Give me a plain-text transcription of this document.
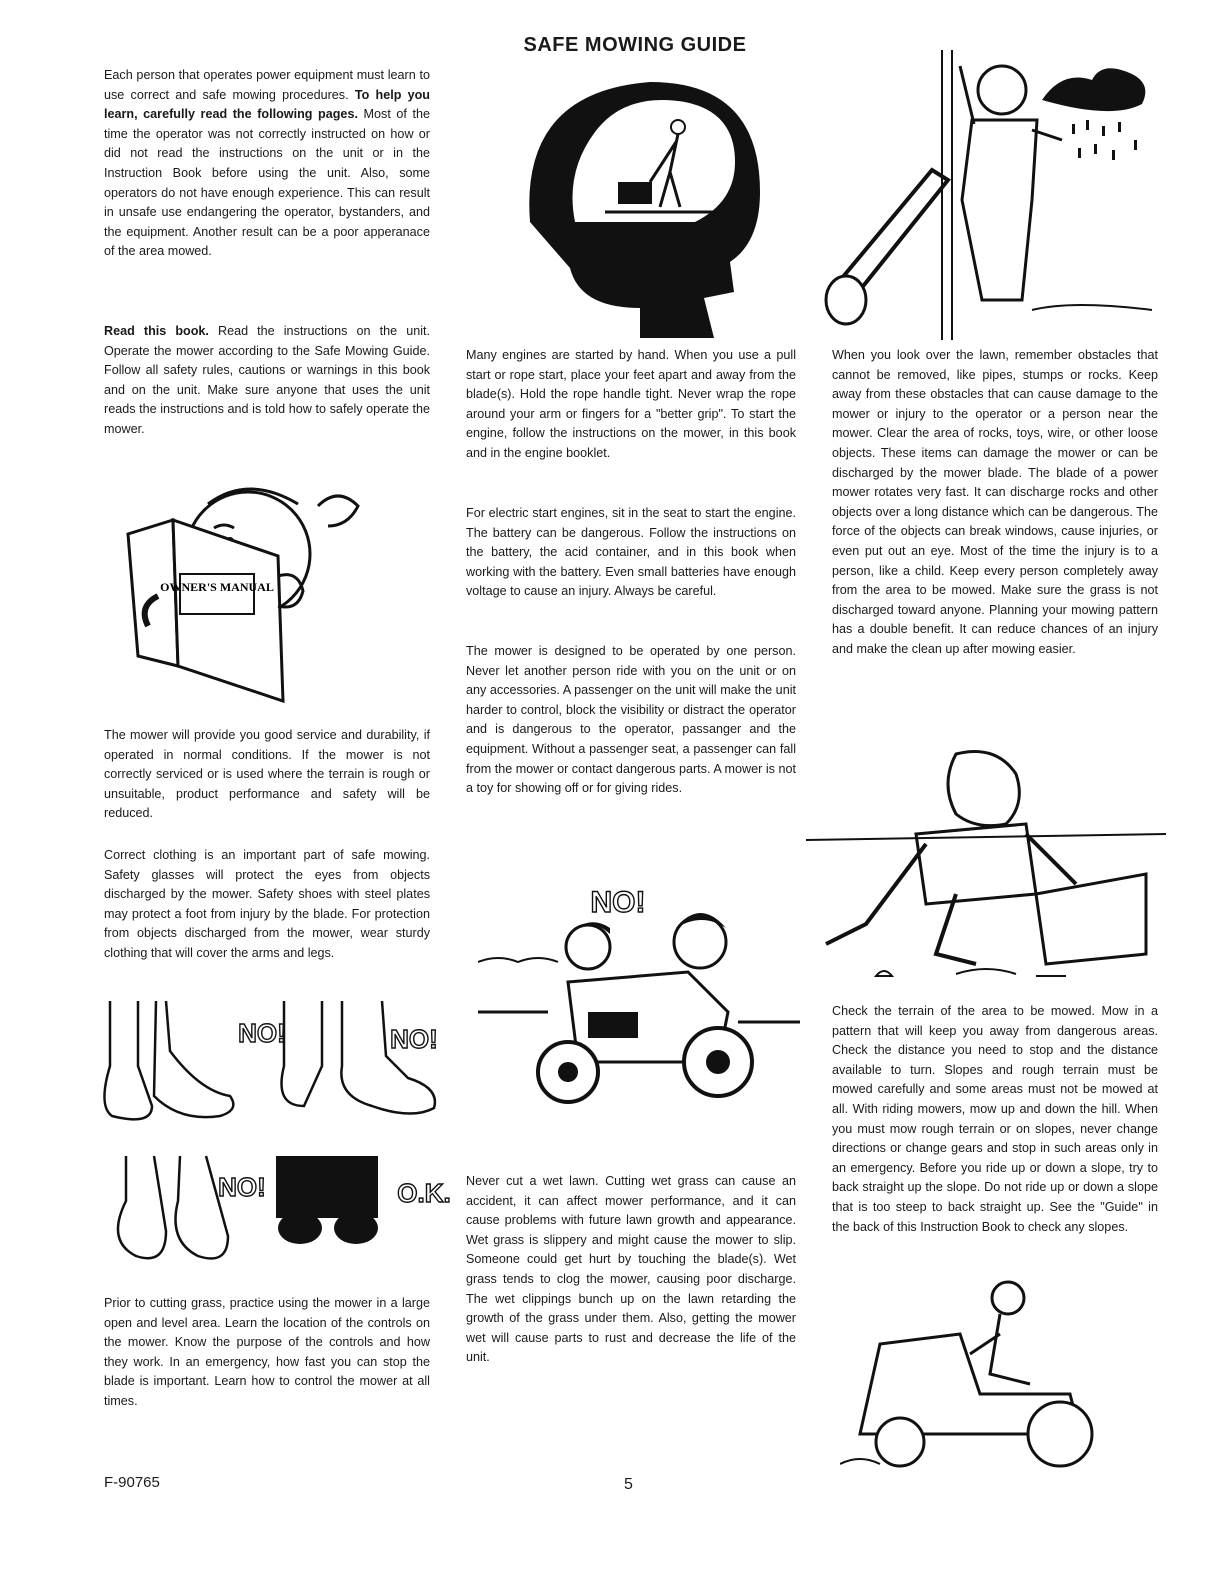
SAFE MOWING GUIDE

Each person that operates power equipment must learn to use correct and safe mowing procedures. To help you learn, carefully read the following pages. Most of the time the operator was not correctly instructed on how or did not read the instructions on the unit or in the Instruction Book before using the unit. Also, some operators do not have enough experience. This can result in unsafe use endangering the operator, bystanders, and the equipment. Another result can be a poor apperanace of the area mowed.

Read this book. Read the instructions on the unit. Operate the mower according to the Safe Mowing Guide. Follow all safety rules, cautions or warnings in this book and on the unit. Make sure anyone that uses the unit reads the instructions and is told how to safely operate the mower.

OWNER'S MANUAL

The mower will provide you good service and durability, if operated in normal conditions. If the mower is not correctly serviced or is used where the terrain is rough or unsuitable, product performance and safety will be reduced.

Correct clothing is an important part of safe mowing. Safety glasses will protect the eyes from objects discharged by the mower. Safety shoes with steel plates may protect a foot from injury by the blade. For protection from objects discharged from the mower, wear sturdy clothing that will cover the arms and legs.

NO!	NO!
NO!	O.K.

Prior to cutting grass, practice using the mower in a large open and level area. Learn the location of the controls on the mower. Know the purpose of the controls and how they work. In an emergency, how fast you can stop the blade is important. Learn how to control the mower at all times.

Many engines are started by hand. When you use a pull start or rope start, place your feet apart and away from the blade(s). Hold the rope handle tight. Never wrap the rope around your arm or fingers for a "better grip". To start the engine, follow the instructions on the mower, in this book and in the engine booklet.

For electric start engines, sit in the seat to start the engine. The battery can be dangerous. Follow the instructions on the battery, the acid container, and in this book when working with the battery. Even small batteries have enough voltage to cause an injury. Always be careful.

The mower is designed to be operated by one person. Never let another person ride with you on the unit or on any accessories. A passenger on the unit will make the unit harder to control, block the visibility or distract the operator and is dangerous to the operator, passanger and the equipment. Without a passenger seat, a passenger can fall from the mower or contact dangerous parts. A mower is not a toy for showing off or for giving rides.

NO!

Never cut a wet lawn. Cutting wet grass can cause an accident, it can affect mower performance, and it can cause problems with future lawn growth and appearance. Wet grass is slippery and might cause the mower to slip. Someone could get hurt by touching the blade(s). Wet grass tends to clog the mower, causing poor discharge. The wet clippings bunch up on the lawn retarding the growth of the grass under them. Also, getting the mower wet will cause parts to rust and decrease the life of the unit.

When you look over the lawn, remember obstacles that cannot be removed, like pipes, stumps or rocks. Keep away from these obstacles that can cause damage to the mower or injury to the operator or a person near the mower. Clear the area of rocks, toys, wire, or other loose objects. These items can damage the mower or can be discharged by the mower blade. The blade of a power mower rotates very fast. It can discharge rocks and other objects over a long distance which can be dangerous. The force of the objects can break windows, cause injuries, or even put out an eye. Most of the time the injury is to a person, like a child. Keep every person completely away from the area to be mowed. Make sure the grass is not discharged toward anyone. Planning your mowing pattern has a double benefit. It can reduce chances of an injury and make the clean up after mowing easier.

Check the terrain of the area to be mowed. Mow in a pattern that will keep you away from dangerous areas. Check the distance you need to stop and the distance available to turn. Slopes and rough terrain must be mowed carefully and some areas must not be mowed at all. With riding mowers, mow up and down the hill. When you must mow rough terrain or on slopes, never change directions or change gears and stop in such areas only in an emergency. Before you ride up or down a slope, try to back straight up the slope. Do not ride up or down a slope that is too steep to back straight up. See the "Guide" in the back of this Instruction Book to check any slopes.

F-90765	5
